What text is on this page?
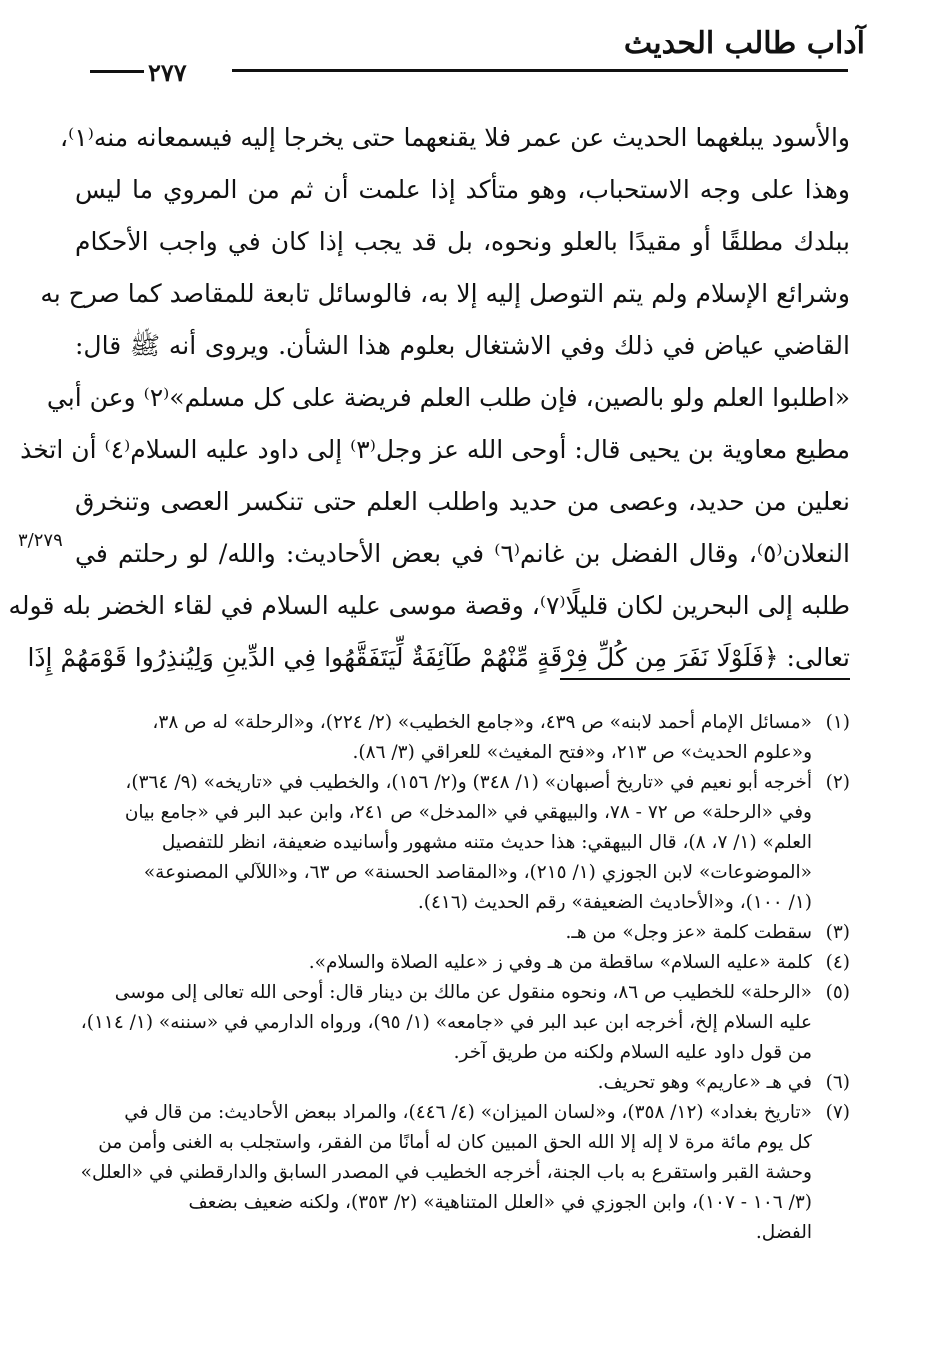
آداب طالب الحديث
٢٧٧
والأسود يبلغهما الحديث عن عمر فلا يقنعهما حتى يخرجا إليه فيسمعانه منه⁽١⁾،
وهذا على وجه الاستحباب، وهو متأكد إذا علمت أن ثم من المروي ما ليس
ببلدك مطلقًا أو مقيدًا بالعلو ونحوه، بل قد يجب إذا كان في واجب الأحكام
وشرائع الإسلام ولم يتم التوصل إليه إلا به، فالوسائل تابعة للمقاصد كما صرح به
القاضي عياض في ذلك وفي الاشتغال بعلوم هذا الشأن. ويروى أنه ﷺ قال:
«اطلبوا العلم ولو بالصين، فإن طلب العلم فريضة على كل مسلم»⁽٢⁾ وعن أبي
مطيع معاوية بن يحيى قال: أوحى الله عز وجل⁽٣⁾ إلى داود عليه السلام⁽٤⁾ أن اتخذ
نعلين من حديد، وعصى من حديد واطلب العلم حتى تنكسر العصى وتنخرق
النعلان⁽٥⁾، وقال الفضل بن غانم⁽٦⁾ في بعض الأحاديث: والله/ لو رحلتم في
طلبه إلى البحرين لكان قليلًا⁽٧⁾، وقصة موسى عليه السلام في لقاء الخضر بله قوله
تعالى: ﴿فَلَوْلَا نَفَرَ مِن كُلِّ فِرْقَةٍ مِّنْهُمْ طَآئِفَةٌ لِّيَتَفَقَّهُوا فِي الدِّينِ وَلِيُنذِرُوا قَوْمَهُمْ إِذَا
٣/٢٧٩
(١)«مسائل الإمام أحمد لابنه» ص ٤٣٩، و«جامع الخطيب» (٢/ ٢٢٤)، و«الرحلة» له ص ٣٨،
و«علوم الحديث» ص ٢١٣، و«فتح المغيث» للعراقي (٣/ ٨٦).
(٢)أخرجه أبو نعيم في «تاريخ أصبهان» (١/ ٣٤٨) و(٢/ ١٥٦)، والخطيب في «تاريخه» (٩/ ٣٦٤)،
وفي «الرحلة» ص ٧٢ - ٧٨، والبيهقي في «المدخل» ص ٢٤١، وابن عبد البر في «جامع بيان
العلم» (١/ ٧، ٨)، قال البيهقي: هذا حديث متنه مشهور وأسانيده ضعيفة، انظر للتفصيل
«الموضوعات» لابن الجوزي (١/ ٢١٥)، و«المقاصد الحسنة» ص ٦٣، و«اللآلي المصنوعة»
(١/ ١٠٠)، و«الأحاديث الضعيفة» رقم الحديث (٤١٦).
(٣)سقطت كلمة «عز وجل» من هـ.
(٤)كلمة «عليه السلام» ساقطة من هـ وفي ز «عليه الصلاة والسلام».
(٥)«الرحلة» للخطيب ص ٨٦، ونحوه منقول عن مالك بن دينار قال: أوحى الله تعالى إلى موسى
عليه السلام إلخ، أخرجه ابن عبد البر في «جامعه» (١/ ٩٥)، ورواه الدارمي في «سننه» (١/ ١١٤)،
من قول داود عليه السلام ولكنه من طريق آخر.
(٦)في هـ «عاريم» وهو تحريف.
(٧)«تاريخ بغداد» (١٢/ ٣٥٨)، و«لسان الميزان» (٤/ ٤٤٦)، والمراد ببعض الأحاديث: من قال في
كل يوم مائة مرة لا إله إلا الله الحق المبين كان له أمانًا من الفقر، واستجلب به الغنى وأمن من
وحشة القبر واستقرع به باب الجنة، أخرجه الخطيب في المصدر السابق والدارقطني في «العلل»
(٣/ ١٠٦ - ١٠٧)، وابن الجوزي في «العلل المتناهية» (٢/ ٣٥٣)، ولكنه ضعيف بضعف
الفضل.
